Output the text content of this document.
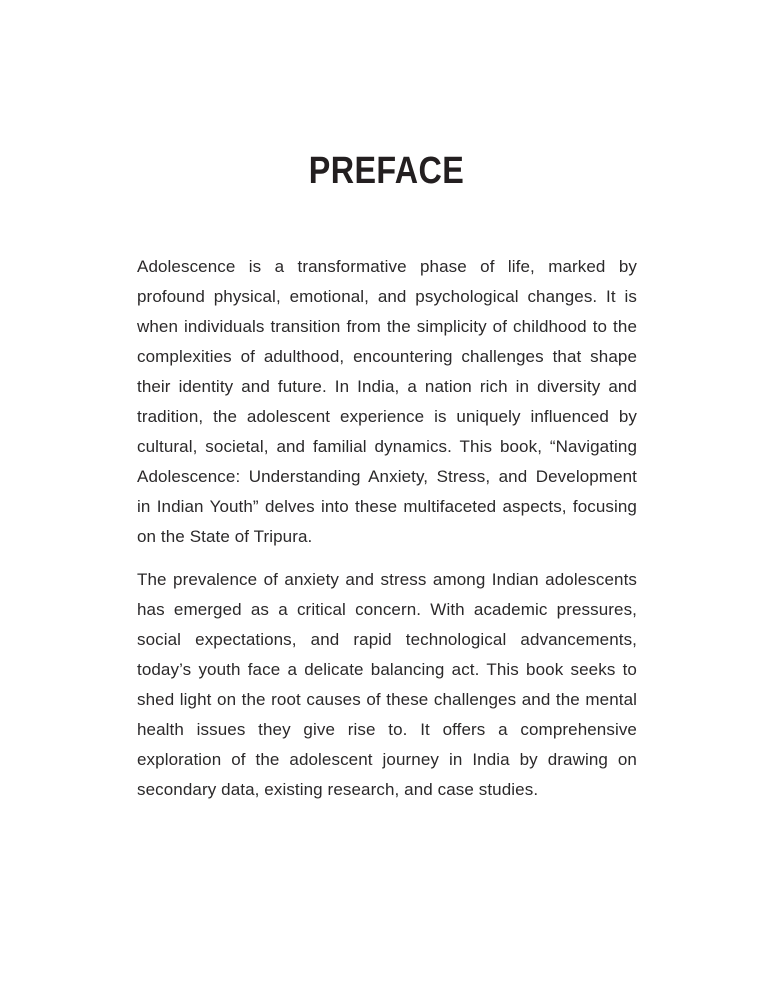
PREFACE

Adolescence is a transformative phase of life, marked by profound physical, emotional, and psychological changes. It is when individuals transition from the simplicity of childhood to the complexities of adulthood, encountering challenges that shape their identity and future. In India, a nation rich in diversity and tradition, the adolescent experience is uniquely influenced by cultural, societal, and familial dynamics. This book, “Navigating Adolescence: Understanding Anxiety, Stress, and Development in Indian Youth” delves into these multifaceted aspects, focusing on the State of Tripura.

The prevalence of anxiety and stress among Indian adolescents has emerged as a critical concern. With academic pressures, social expectations, and rapid technological advancements, today’s youth face a delicate balancing act. This book seeks to shed light on the root causes of these challenges and the mental health issues they give rise to. It offers a comprehensive exploration of the adolescent journey in India by drawing on secondary data, existing research, and case studies.
